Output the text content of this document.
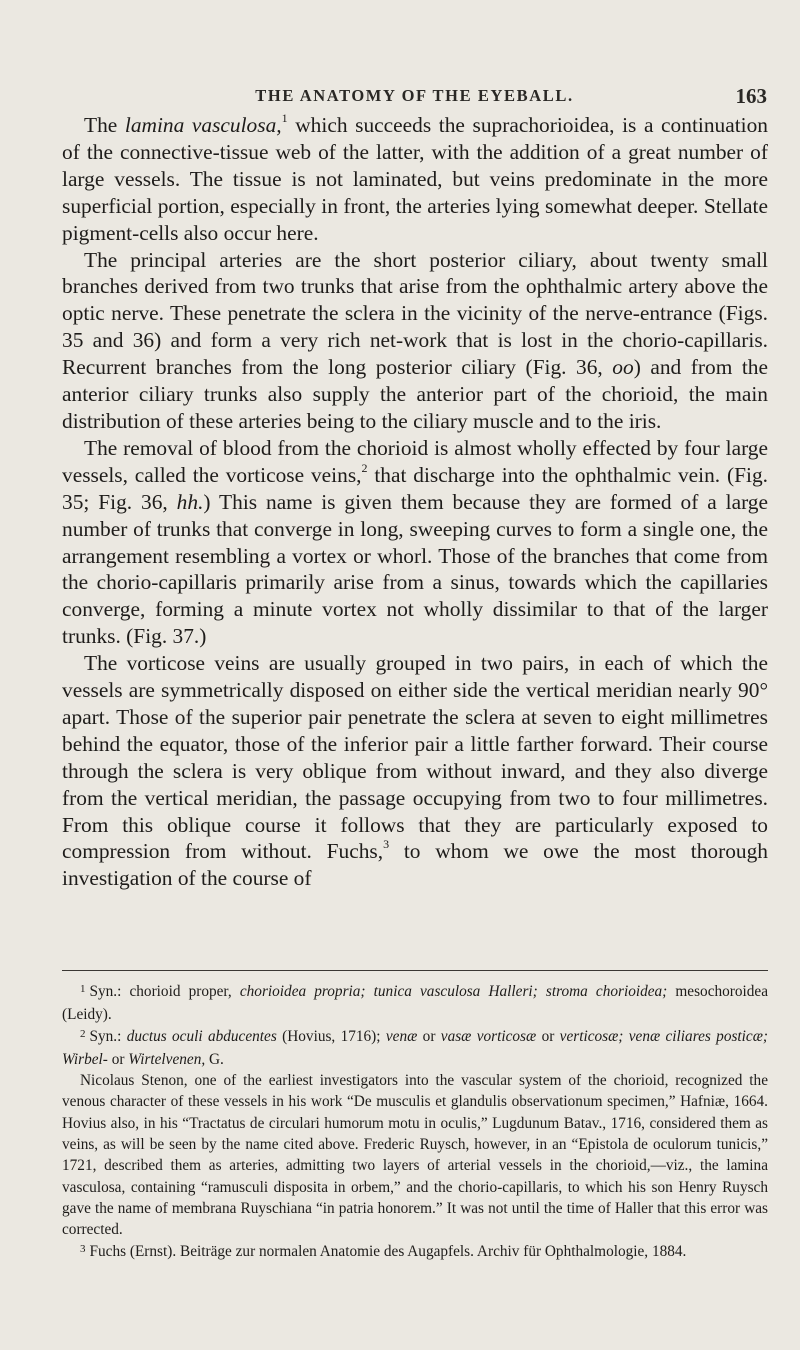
THE ANATOMY OF THE EYEBALL.	163

The lamina vasculosa,$^1$ which succeeds the suprachorioidea, is a continuation of the connective-tissue web of the latter, with the addition of a great number of large vessels. The tissue is not laminated, but veins predominate in the more superficial portion, especially in front, the arteries lying somewhat deeper. Stellate pigment-cells also occur here.

The principal arteries are the short posterior ciliary, about twenty small branches derived from two trunks that arise from the ophthalmic artery above the optic nerve. These penetrate the sclera in the vicinity of the nerve-entrance (Figs. 35 and 36) and form a very rich net-work that is lost in the chorio-capillaris. Recurrent branches from the long posterior ciliary (Fig. 36, oo) and from the anterior ciliary trunks also supply the anterior part of the chorioid, the main distribution of these arteries being to the ciliary muscle and to the iris.

The removal of blood from the chorioid is almost wholly effected by four large vessels, called the vorticose veins,$^2$ that discharge into the ophthalmic vein. (Fig. 35; Fig. 36, hh.) This name is given them because they are formed of a large number of trunks that converge in long, sweeping curves to form a single one, the arrangement resembling a vortex or whorl. Those of the branches that come from the chorio-capillaris primarily arise from a sinus, towards which the capillaries converge, forming a minute vortex not wholly dissimilar to that of the larger trunks. (Fig. 37.)

The vorticose veins are usually grouped in two pairs, in each of which the vessels are symmetrically disposed on either side the vertical meridian nearly 90° apart. Those of the superior pair penetrate the sclera at seven to eight millimetres behind the equator, those of the inferior pair a little farther forward. Their course through the sclera is very oblique from without inward, and they also diverge from the vertical meridian, the passage occupying from two to four millimetres. From this oblique course it follows that they are particularly exposed to compression from without. Fuchs,$^3$ to whom we owe the most thorough investigation of the course of

$^1$ Syn.: chorioid proper, chorioidea propria; tunica vasculosa Halleri; stroma chorioidea; mesochoroidea (Leidy).

$^2$ Syn.: ductus oculi abducentes (Hovius, 1716); venæ or vasæ vorticosæ or verticosæ; venæ ciliares posticæ; Wirbel- or Wirtelvenen, G.

Nicolaus Stenon, one of the earliest investigators into the vascular system of the chorioid, recognized the venous character of these vessels in his work “De musculis et glandulis observationum specimen,” Hafniæ, 1664. Hovius also, in his “Tractatus de circulari humorum motu in oculis,” Lugdunum Batav., 1716, considered them as veins, as will be seen by the name cited above. Frederic Ruysch, however, in an “Epistola de oculorum tunicis,” 1721, described them as arteries, admitting two layers of arterial vessels in the chorioid,—viz., the lamina vasculosa, containing “ramusculi disposita in orbem,” and the chorio-capillaris, to which his son Henry Ruysch gave the name of membrana Ruyschiana “in patria honorem.” It was not until the time of Haller that this error was corrected.

$^3$ Fuchs (Ernst). Beiträge zur normalen Anatomie des Augapfels. Archiv für Ophthalmologie, 1884.
